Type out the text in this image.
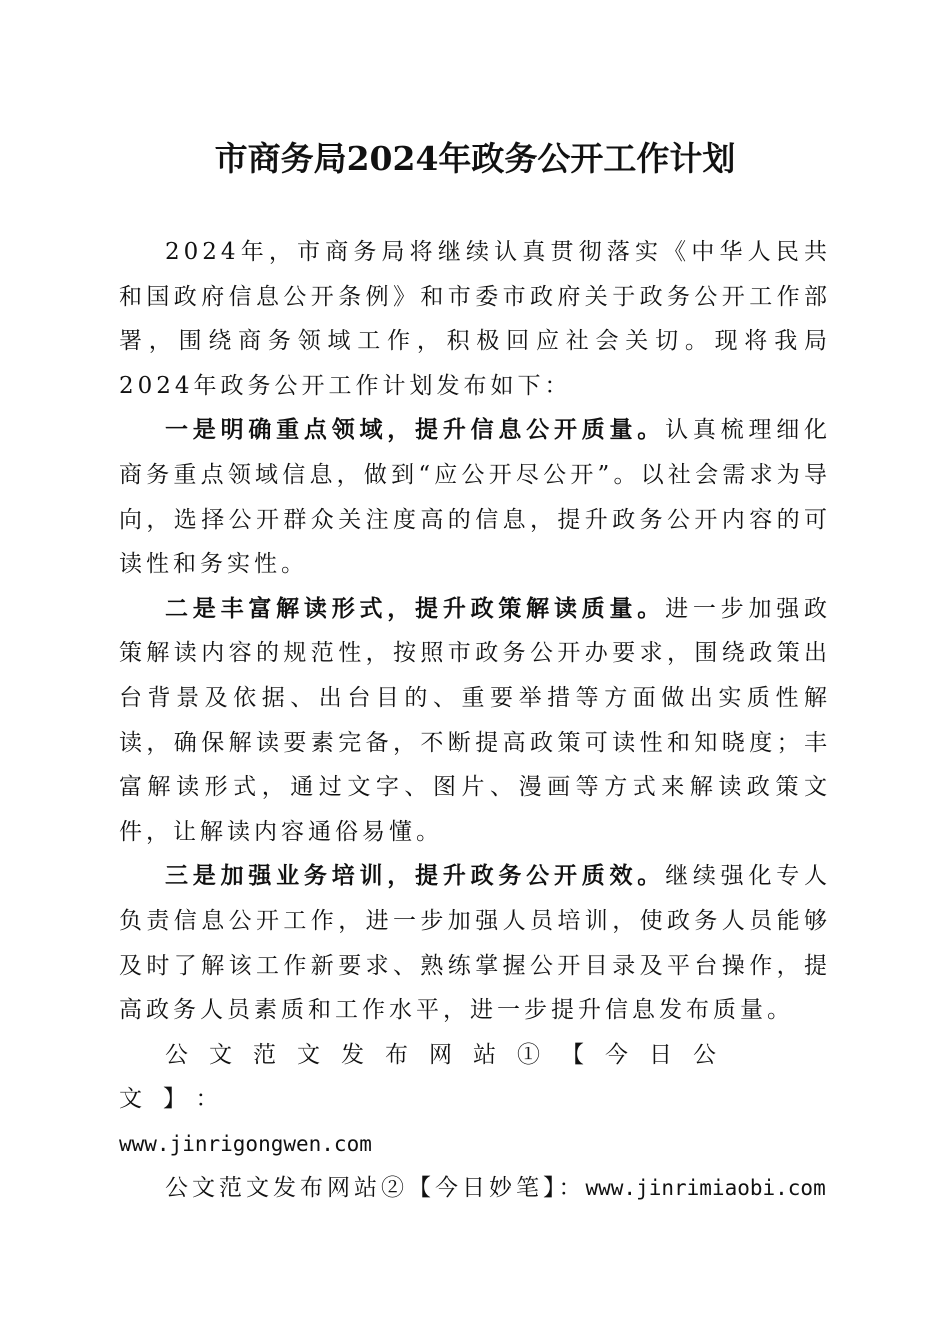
市商务局2024年政务公开工作计划

2024年，市商务局将继续认真贯彻落实《中华人民共和国政府信息公开条例》和市委市政府关于政务公开工作部署，围绕商务领域工作，积极回应社会关切。现将我局2024年政务公开工作计划发布如下：

一是明确重点领域，提升信息公开质量。认真梳理细化商务重点领域信息，做到“应公开尽公开”。以社会需求为导向，选择公开群众关注度高的信息，提升政务公开内容的可读性和务实性。

二是丰富解读形式，提升政策解读质量。进一步加强政策解读内容的规范性，按照市政务公开办要求，围绕政策出台背景及依据、出台目的、重要举措等方面做出实质性解读，确保解读要素完备，不断提高政策可读性和知晓度；丰富解读形式，通过文字、图片、漫画等方式来解读政策文件，让解读内容通俗易懂。

三是加强业务培训，提升政务公开质效。继续强化专人负责信息公开工作，进一步加强人员培训，使政务人员能够及时了解该工作新要求、熟练掌握公开目录及平台操作，提高政务人员素质和工作水平，进一步提升信息发布质量。

公文范文发布网站①【今日公文】：
www.jinrigongwen.com

公文范文发布网站②【今日妙笔】：www.jinrimiaobi.com
